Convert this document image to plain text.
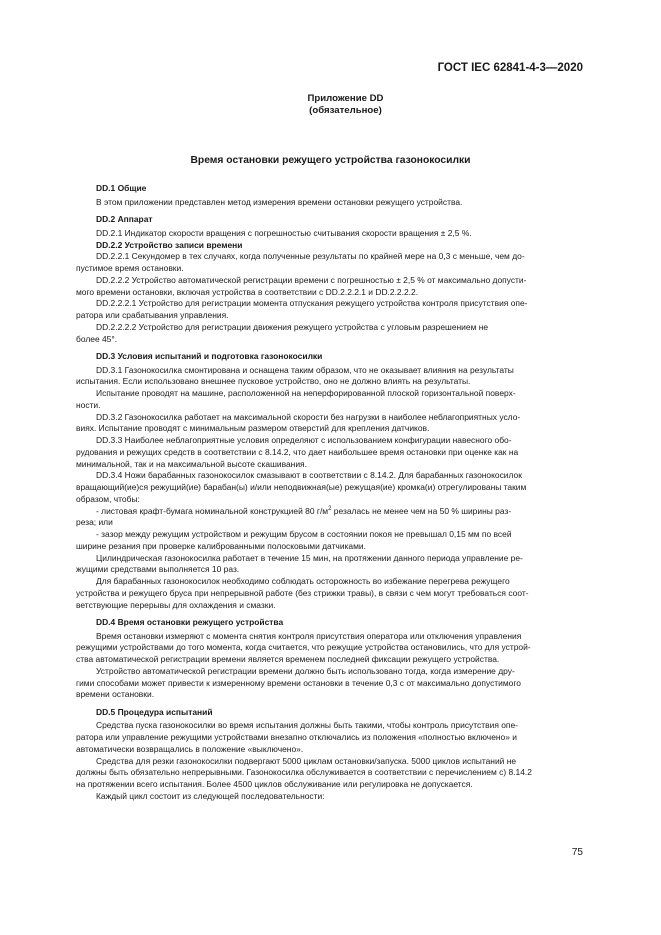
ГОСТ IEC 62841-4-3—2020
Приложение DD
(обязательное)
Время остановки режущего устройства газонокосилки

DD.1 Общие

В этом приложении представлен метод измерения времени остановки режущего устройства.

DD.2 Аппарат

DD.2.1 Индикатор скорости вращения с погрешностью считывания скорости вращения ± 2,5 %.

DD.2.2 Устройство записи времени

DD.2.2.1 Секундомер в тех случаях, когда полученные результаты по крайней мере на 0,3 с меньше, чем до-

пустимое время остановки.

DD.2.2.2 Устройство автоматической регистрации времени с погрешностью ± 2,5 % от максимально допусти-

мого времени остановки, включая устройства в соответствии с DD.2.2.2.1 и DD.2.2.2.2.

DD.2.2.2.1 Устройство для регистрации момента отпускания режущего устройства контроля присутствия опе-

ратора или срабатывания управления.

DD.2.2.2.2 Устройство для регистрации движения режущего устройства с угловым разрешением не

более 45°.

DD.3 Условия испытаний и подготовка газонокосилки

DD.3.1 Газонокосилка смонтирована и оснащена таким образом, что не оказывает влияния на результаты

испытания. Если использовано внешнее пусковое устройство, оно не должно влиять на результаты.

Испытание проводят на машине, расположенной на неперфорированной плоской горизонтальной поверх-

ности.

DD.3.2 Газонокосилка работает на максимальной скорости без нагрузки в наиболее неблагоприятных усло-

виях. Испытание проводят с минимальным размером отверстий для крепления датчиков.

DD.3.3 Наиболее неблагоприятные условия определяют с использованием конфигурации навесного обо-

рудования и режущих средств в соответствии с 8.14.2, что дает наибольшее время остановки при оценке как на

минимальной, так и на максимальной высоте скашивания.

DD.3.4 Ножи барабанных газонокосилок смазывают в соответствии с 8.14.2. Для барабанных газонокосилок

вращающий(ие)ся режущий(ие) барабан(ы) и/или неподвижная(ые) режущая(ие) кромка(и) отрегулированы таким

образом, чтобы:

- листовая крафт-бумага номинальной конструкцией 80 $г/м^2$ резалась не менее чем на 50 % ширины раз-

реза; или

- зазор между режущим устройством и режущим брусом в состоянии покоя не превышал 0,15 мм по всей

ширине резания при проверке калиброванными полосковыми датчиками.

Цилиндрическая газонокосилка работает в течение 15 мин, на протяжении данного периода управление ре-

жущими средствами выполняется 10 раз.

Для барабанных газонокосилок необходимо соблюдать осторожность во избежание перегрева режущего

устройства и режущего бруса при непрерывной работе (без стрижки травы), в связи с чем могут требоваться соот-

ветствующие перерывы для охлаждения и смазки.

DD.4 Время остановки режущего устройства

Время остановки измеряют с момента снятия контроля присутствия оператора или отключения управления

режущими устройствами до того момента, когда считается, что режущие устройства остановились, что для устрой-

ства автоматической регистрации времени является временем последней фиксации режущего устройства.

Устройство автоматической регистрации времени должно быть использовано тогда, когда измерение дру-

гими способами может привести к измеренному времени остановки в течение 0,3 с от максимально допустимого

времени остановки.

DD.5 Процедура испытаний

Средства пуска газонокосилки во время испытания должны быть такими, чтобы контроль присутствия опе-

ратора или управление режущими устройствами внезапно отключались из положения «полностью включено» и

автоматически возвращались в положение «выключено».

Средства для резки газонокосилки подвергают 5000 циклам остановки/запуска. 5000 циклов испытаний не

должны быть обязательно непрерывными. Газонокосилка обслуживается в соответствии с перечислением с) 8.14.2

на протяжении всего испытания. Более 4500 циклов обслуживание или регулировка не допускается.

Каждый цикл состоит из следующей последовательности:

75
